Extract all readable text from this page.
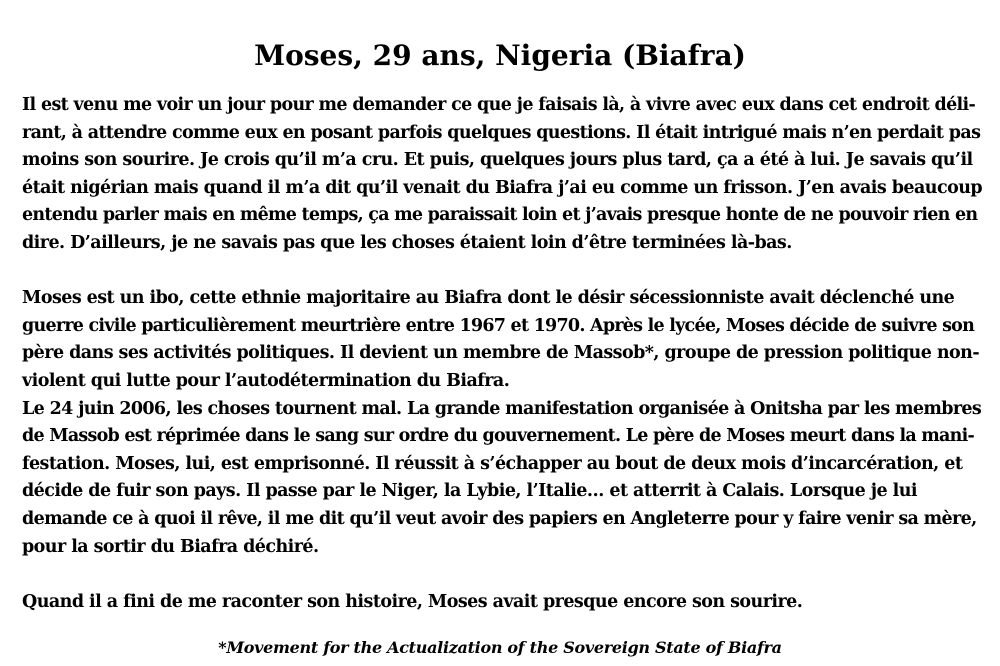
Moses, 29 ans, Nigeria (Biafra)
Il est venu me voir un jour pour me demander ce que je faisais là, à vivre avec eux dans cet endroit déli-
rant, à attendre comme eux en posant parfois quelques questions. Il était intrigué mais n’en perdait pas
moins son sourire. Je crois qu’il m’a cru. Et puis, quelques jours plus tard, ça a été à lui. Je savais qu’il
était nigérian mais quand il m’a dit qu’il venait du Biafra j’ai eu comme un frisson. J’en avais beaucoup
entendu parler mais en même temps, ça me paraissait loin et j’avais presque honte de ne pouvoir rien en
dire. D’ailleurs, je ne savais pas que les choses étaient loin d’être terminées là-bas.
Moses est un ibo, cette ethnie majoritaire au Biafra dont le désir sécessionniste avait déclenché une
guerre civile particulièrement meurtrière entre 1967 et 1970. Après le lycée, Moses décide de suivre son
père dans ses activités politiques. Il devient un membre de Massob*, groupe de pression politique non-
violent qui lutte pour l’autodétermination du Biafra.
Le 24 juin 2006, les choses tournent mal. La grande manifestation organisée à Onitsha par les membres
de Massob est réprimée dans le sang sur ordre du gouvernement. Le père de Moses meurt dans la mani-
festation. Moses, lui, est emprisonné. Il réussit à s’échapper au bout de deux mois d’incarcération, et
décide de fuir son pays. Il passe par le Niger, la Lybie, l’Italie… et atterrit à Calais. Lorsque je lui
demande ce à quoi il rêve, il me dit qu’il veut avoir des papiers en Angleterre pour y faire venir sa mère,
pour la sortir du Biafra déchiré.
Quand il a fini de me raconter son histoire, Moses avait presque encore son sourire.
*Movement for the Actualization of the Sovereign State of Biafra
